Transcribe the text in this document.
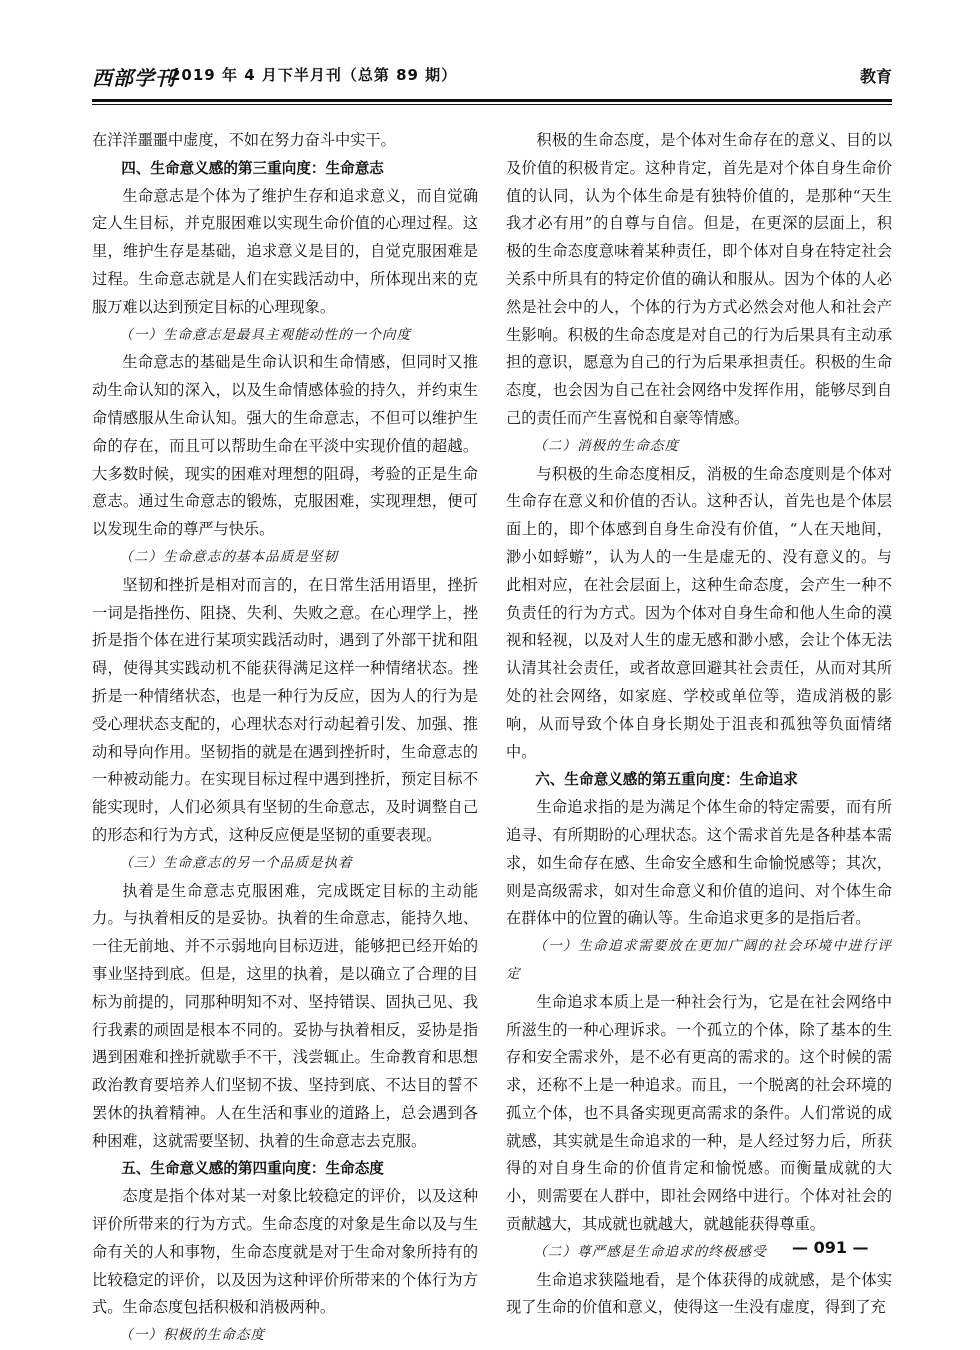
西部学刊
2019 年 4 月下半月刊（总第 89 期）	教育

在洋洋噩噩中虚度，不如在努力奋斗中实干。

四、生命意义感的第三重向度：生命意志

生命意志是个体为了维护生存和追求意义，而自觉确定人生目标，并克服困难以实现生命价值的心理过程。这里，维护生存是基础，追求意义是目的，自觉克服困难是过程。生命意志就是人们在实践活动中，所体现出来的克服万难以达到预定目标的心理现象。

（一）生命意志是最具主观能动性的一个向度

生命意志的基础是生命认识和生命情感，但同时又推动生命认知的深入，以及生命情感体验的持久，并约束生命情感服从生命认知。强大的生命意志，不但可以维护生命的存在，而且可以帮助生命在平淡中实现价值的超越。大多数时候，现实的困难对理想的阻碍，考验的正是生命意志。通过生命意志的锻炼，克服困难，实现理想，便可以发现生命的尊严与快乐。

（二）生命意志的基本品质是坚韧

坚韧和挫折是相对而言的，在日常生活用语里，挫折一词是指挫伤、阻挠、失利、失败之意。在心理学上，挫折是指个体在进行某项实践活动时，遇到了外部干扰和阻碍，使得其实践动机不能获得满足这样一种情绪状态。挫折是一种情绪状态，也是一种行为反应，因为人的行为是受心理状态支配的，心理状态对行动起着引发、加强、推动和导向作用。坚韧指的就是在遇到挫折时，生命意志的一种被动能力。在实现目标过程中遇到挫折，预定目标不能实现时，人们必须具有坚韧的生命意志，及时调整自己的形态和行为方式，这种反应便是坚韧的重要表现。

（三）生命意志的另一个品质是执着

执着是生命意志克服困难，完成既定目标的主动能力。与执着相反的是妥协。执着的生命意志，能持久地、一往无前地、并不示弱地向目标迈进，能够把已经开始的事业坚持到底。但是，这里的执着，是以确立了合理的目标为前提的，同那种明知不对、坚持错误、固执己见、我行我素的顽固是根本不同的。妥协与执着相反，妥协是指遇到困难和挫折就歇手不干，浅尝辄止。生命教育和思想政治教育要培养人们坚韧不拔、坚持到底、不达目的誓不罢休的执着精神。人在生活和事业的道路上，总会遇到各种困难，这就需要坚韧、执着的生命意志去克服。

五、生命意义感的第四重向度：生命态度

态度是指个体对某一对象比较稳定的评价，以及这种评价所带来的行为方式。生命态度的对象是生命以及与生命有关的人和事物，生命态度就是对于生命对象所持有的比较稳定的评价，以及因为这种评价所带来的个体行为方式。生命态度包括积极和消极两种。

（一）积极的生命态度

积极的生命态度，是个体对生命存在的意义、目的以及价值的积极肯定。这种肯定，首先是对个体自身生命价值的认同，认为个体生命是有独特价值的，是那种“天生我才必有用”的自尊与自信。但是，在更深的层面上，积极的生命态度意味着某种责任，即个体对自身在特定社会关系中所具有的特定价值的确认和服从。因为个体的人必然是社会中的人，个体的行为方式必然会对他人和社会产生影响。积极的生命态度是对自己的行为后果具有主动承担的意识，愿意为自己的行为后果承担责任。积极的生命态度，也会因为自己在社会网络中发挥作用，能够尽到自己的责任而产生喜悦和自豪等情感。

（二）消极的生命态度

与积极的生命态度相反，消极的生命态度则是个体对生命存在意义和价值的否认。这种否认，首先也是个体层面上的，即个体感到自身生命没有价值，“人在天地间，渺小如蜉蝣”，认为人的一生是虚无的、没有意义的。与此相对应，在社会层面上，这种生命态度，会产生一种不负责任的行为方式。因为个体对自身生命和他人生命的漠视和轻视，以及对人生的虚无感和渺小感，会让个体无法认清其社会责任，或者故意回避其社会责任，从而对其所处的社会网络，如家庭、学校或单位等，造成消极的影响，从而导致个体自身长期处于沮丧和孤独等负面情绪中。

六、生命意义感的第五重向度：生命追求

生命追求指的是为满足个体生命的特定需要，而有所追寻、有所期盼的心理状态。这个需求首先是各种基本需求，如生命存在感、生命安全感和生命愉悦感等；其次，则是高级需求，如对生命意义和价值的追问、对个体生命在群体中的位置的确认等。生命追求更多的是指后者。

（一）生命追求需要放在更加广阔的社会环境中进行评定

生命追求本质上是一种社会行为，它是在社会网络中所滋生的一种心理诉求。一个孤立的个体，除了基本的生存和安全需求外，是不必有更高的需求的。这个时候的需求，还称不上是一种追求。而且，一个脱离的社会环境的孤立个体，也不具备实现更高需求的条件。人们常说的成就感，其实就是生命追求的一种，是人经过努力后，所获得的对自身生命的价值肯定和愉悦感。而衡量成就的大小，则需要在人群中，即社会网络中进行。个体对社会的贡献越大，其成就也就越大，就越能获得尊重。

（二）尊严感是生命追求的终极感受

生命追求狭隘地看，是个体获得的成就感，是个体实现了生命的价值和意义，使得这一生没有虚度，得到了充

— 091 —
